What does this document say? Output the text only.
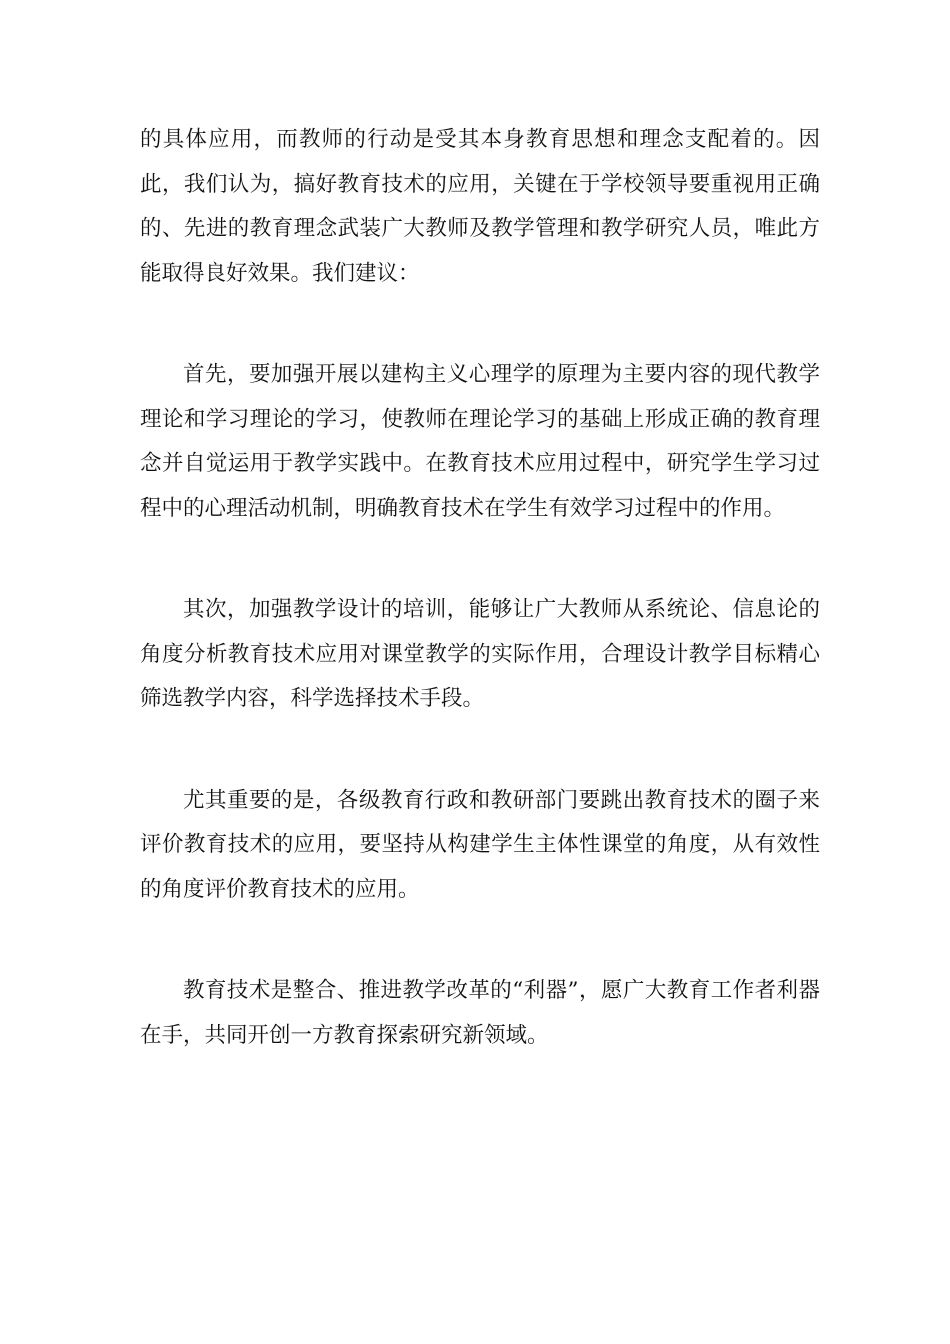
的具体应用，而教师的行动是受其本身教育思想和理念支配着的。因此，我们认为，搞好教育技术的应用，关键在于学校领导要重视用正确的、先进的教育理念武装广大教师及教学管理和教学研究人员，唯此方能取得良好效果。我们建议：

首先，要加强开展以建构主义心理学的原理为主要内容的现代教学理论和学习理论的学习，使教师在理论学习的基础上形成正确的教育理念并自觉运用于教学实践中。在教育技术应用过程中，研究学生学习过程中的心理活动机制，明确教育技术在学生有效学习过程中的作用。

其次，加强教学设计的培训，能够让广大教师从系统论、信息论的角度分析教育技术应用对课堂教学的实际作用，合理设计教学目标精心筛选教学内容，科学选择技术手段。

尤其重要的是，各级教育行政和教研部门要跳出教育技术的圈子来评价教育技术的应用，要坚持从构建学生主体性课堂的角度，从有效性的角度评价教育技术的应用。

教育技术是整合、推进教学改革的“利器”，愿广大教育工作者利器在手，共同开创一方教育探索研究新领域。
